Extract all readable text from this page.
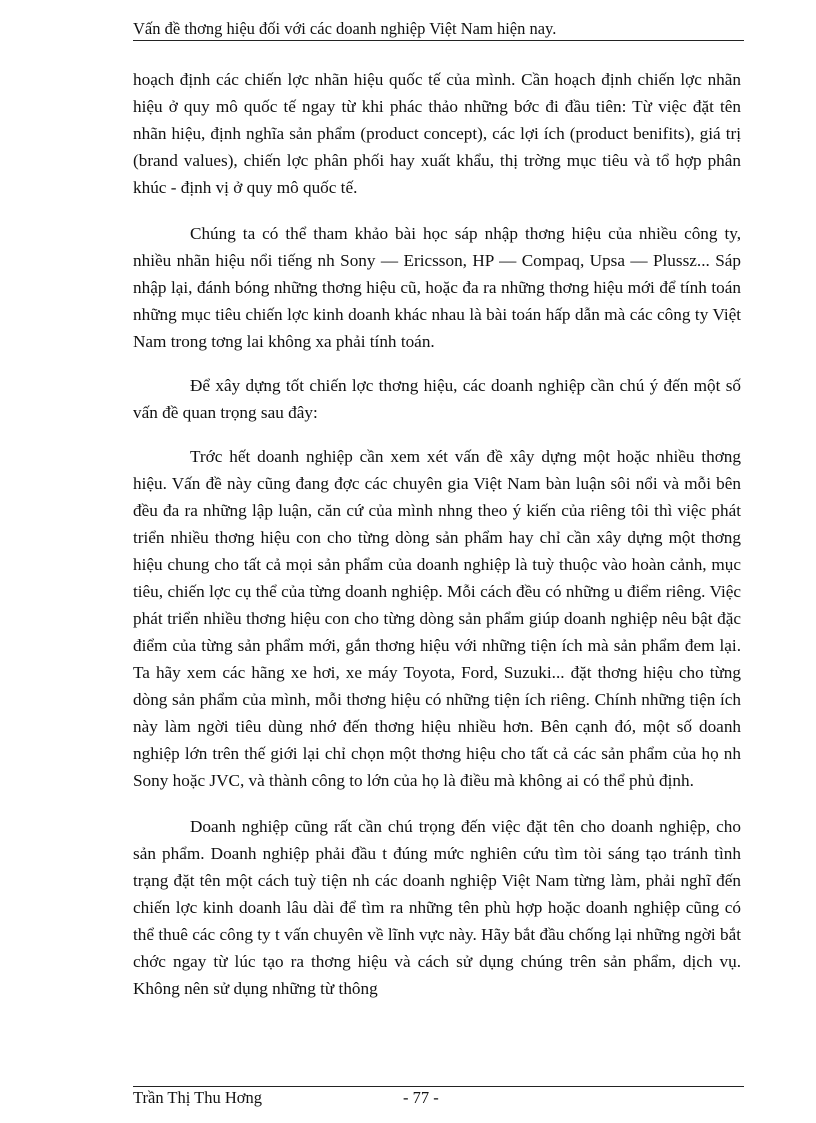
Vấn đề thơng hiệu đối với các doanh nghiệp Việt Nam hiện nay.

hoạch định các chiến lợc nhãn hiệu quốc tế của mình. Cần hoạch định chiến lợc nhãn hiệu ở quy mô quốc tế ngay từ khi phác thảo những bớc đi đầu tiên: Từ việc đặt tên nhãn hiệu, định nghĩa sản phẩm (product concept), các lợi ích (product benifits), giá trị (brand values), chiến lợc phân phối hay xuất khẩu, thị trờng mục tiêu và tổ hợp phân khúc - định vị ở quy mô quốc tế.

Chúng ta có thể tham khảo bài học sáp nhập thơng hiệu của nhiều công ty, nhiều nhãn hiệu nổi tiếng nh Sony — Ericsson, HP — Compaq, Upsa — Plussz... Sáp nhập lại, đánh bóng những thơng hiệu cũ, hoặc đa ra những thơng hiệu mới để tính toán những mục tiêu chiến lợc kinh doanh khác nhau là bài toán hấp dẫn mà các công ty Việt Nam trong tơng lai không xa phải tính toán.

Để xây dựng tốt chiến lợc thơng hiệu, các doanh nghiệp cần chú ý đến một số vấn đề quan trọng sau đây:

Trớc hết doanh nghiệp cần xem xét vấn đề xây dựng một hoặc nhiều thơng hiệu. Vấn đề này cũng đang đợc các chuyên gia Việt Nam bàn luận sôi nổi và mỗi bên đều đa ra những lập luận, căn cứ của mình nhng theo ý kiến của riêng tôi thì việc phát triển nhiều thơng hiệu con cho từng dòng sản phẩm hay chỉ cần xây dựng một thơng hiệu chung cho tất cả mọi sản phẩm của doanh nghiệp là tuỳ thuộc vào hoàn cảnh, mục tiêu, chiến lợc cụ thể của từng doanh nghiệp. Mỗi cách đều có những u điểm riêng. Việc phát triển nhiều thơng hiệu con cho từng dòng sản phẩm giúp doanh nghiệp nêu bật đặc điểm của từng sản phẩm mới, gắn thơng hiệu với những tiện ích mà sản phẩm đem lại. Ta hãy xem các hãng xe hơi, xe máy Toyota, Ford, Suzuki... đặt thơng hiệu cho từng dòng sản phẩm của mình, mỗi thơng hiệu có những tiện ích riêng. Chính những tiện ích này làm ngời tiêu dùng nhớ đến thơng hiệu nhiều hơn. Bên cạnh đó, một số doanh nghiệp lớn trên thế giới lại chỉ chọn một thơng hiệu cho tất cả các sản phẩm của họ nh Sony hoặc JVC, và thành công to lớn của họ là điều mà không ai có thể phủ định.

Doanh nghiệp cũng rất cần chú trọng đến việc đặt tên cho doanh nghiệp, cho sản phẩm. Doanh nghiệp phải đầu t đúng mức nghiên cứu tìm tòi sáng tạo tránh tình trạng đặt tên một cách tuỳ tiện nh các doanh nghiệp Việt Nam từng làm, phải nghĩ đến chiến lợc kinh doanh lâu dài để tìm ra những tên phù hợp hoặc doanh nghiệp cũng có thể thuê các công ty t vấn chuyên về lĩnh vực này. Hãy bắt đầu chống lại những ngời bắt chớc ngay từ lúc tạo ra thơng hiệu và cách sử dụng chúng trên sản phẩm, dịch vụ. Không nên sử dụng những từ thông

Trần Thị Thu Hơng	- 77 -
